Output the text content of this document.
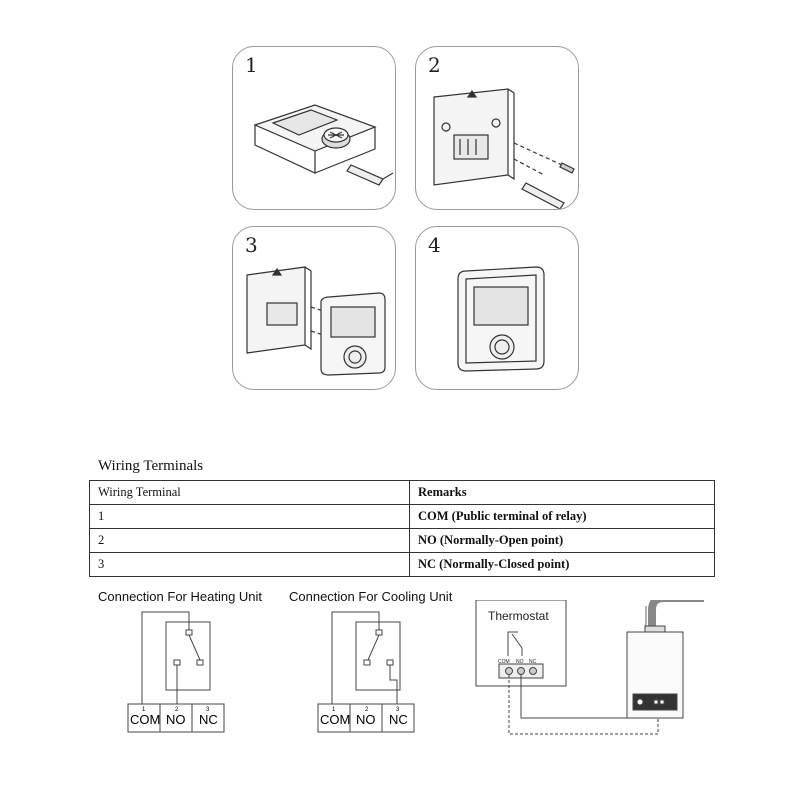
1	2
3	4
Wiring Terminals
Wiring Terminal	Remarks
1	COM (Public terminal of relay)
2	NO (Normally-Open point)
3	NC (Normally-Closed point)
Connection For Heating Unit Connection For Cooling Unit
1	2	3
COM NO NC
1	2	3
COM NO NC
Thermostat
COM NO NC
